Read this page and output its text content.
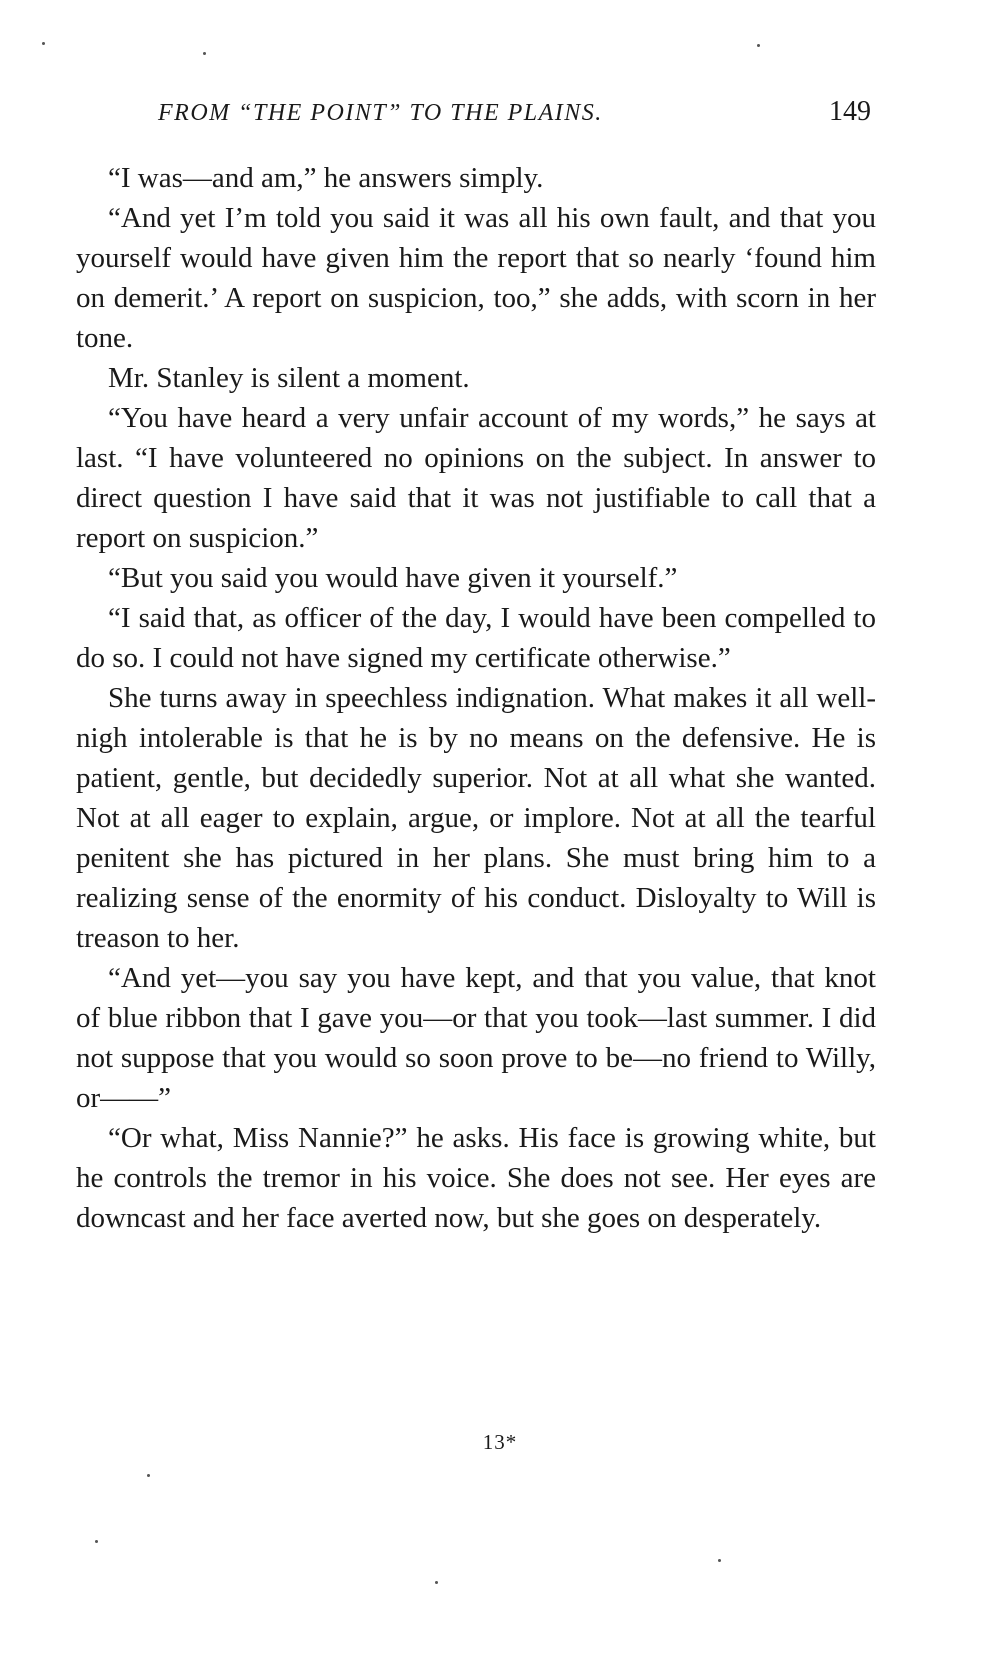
FROM “THE POINT” TO THE PLAINS.	149

“I was—and am,” he answers simply.

“And yet I’m told you said it was all his own fault, and that you yourself would have given him the report that so nearly ‘found him on demerit.’ A report on suspicion, too,” she adds, with scorn in her tone.

Mr. Stanley is silent a moment.

“You have heard a very unfair account of my words,” he says at last. “I have volunteered no opinions on the subject. In answer to direct question I have said that it was not justifiable to call that a report on suspicion.”

“But you said you would have given it yourself.”

“I said that, as officer of the day, I would have been compelled to do so. I could not have signed my certificate otherwise.”

She turns away in speechless indignation. What makes it all well-nigh intolerable is that he is by no means on the defensive. He is patient, gentle, but decidedly superior. Not at all what she wanted. Not at all eager to explain, argue, or implore. Not at all the tearful penitent she has pictured in her plans. She must bring him to a realizing sense of the enormity of his conduct. Disloyalty to Will is treason to her.

“And yet—you say you have kept, and that you value, that knot of blue ribbon that I gave you—or that you took—last summer. I did not suppose that you would so soon prove to be—no friend to Willy, or——”

“Or what, Miss Nannie?” he asks. His face is growing white, but he controls the tremor in his voice. She does not see. Her eyes are downcast and her face averted now, but she goes on desperately.

13*
